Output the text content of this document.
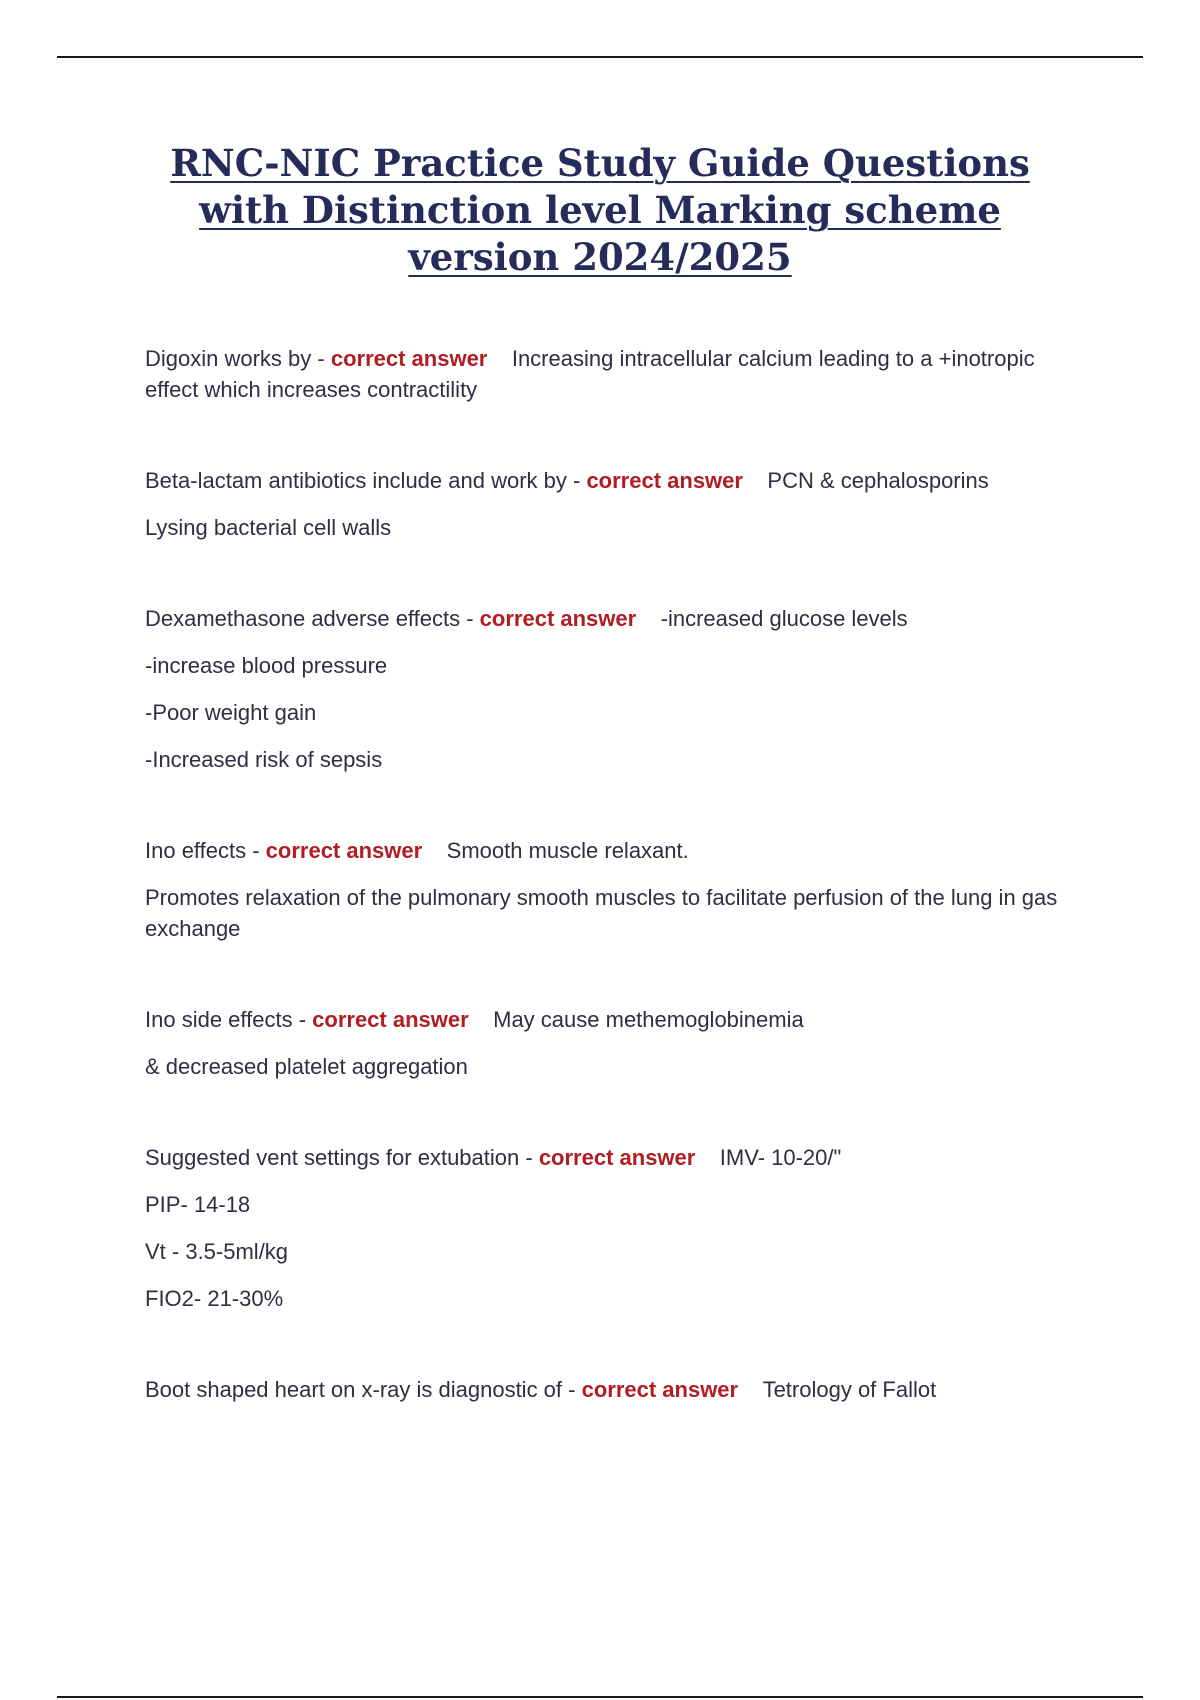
RNC-NIC Practice Study Guide Questions
with Distinction level Marking scheme
version 2024/2025

Digoxin works by - correct answer Increasing intracellular calcium leading to a +inotropic effect which increases contractility

Beta-lactam antibiotics include and work by - correct answer PCN & cephalosporins

Lysing bacterial cell walls

Dexamethasone adverse effects - correct answer -increased glucose levels

-increase blood pressure

-Poor weight gain

-Increased risk of sepsis

Ino effects - correct answer Smooth muscle relaxant.

Promotes relaxation of the pulmonary smooth muscles to facilitate perfusion of the lung in gas exchange

Ino side effects - correct answer May cause methemoglobinemia

& decreased platelet aggregation

Suggested vent settings for extubation - correct answer IMV- 10-20/"

PIP- 14-18

Vt - 3.5-5ml/kg

FIO2- 21-30%

Boot shaped heart on x-ray is diagnostic of - correct answer Tetrology of Fallot
